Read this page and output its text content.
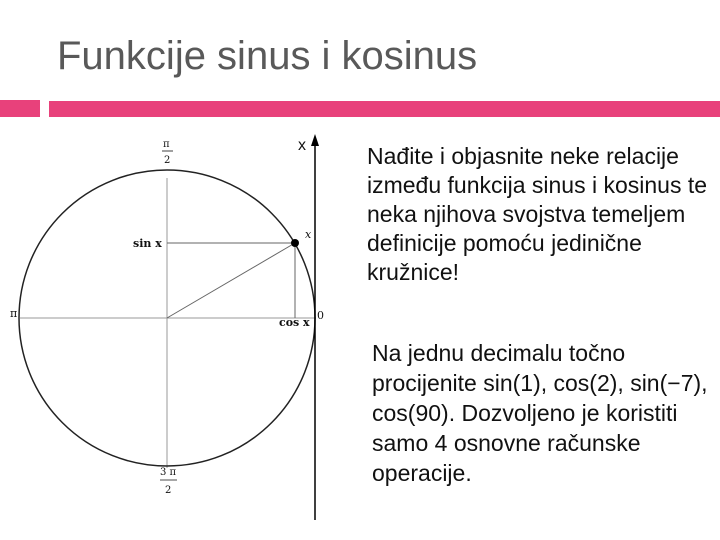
Funkcije sinus i kosinus
x
π
2
sin x
x
π
cos x
0
3 π
2
Nađite i objasnite neke relacije između funkcija sinus i kosinus te neka njihova svojstva temeljem definicije pomoću jedinične kružnice!
Na jednu decimalu točno procijenite sin(1), cos(2), sin(−7), cos(90). Dozvoljeno je koristiti samo 4 osnovne računske operacije.
